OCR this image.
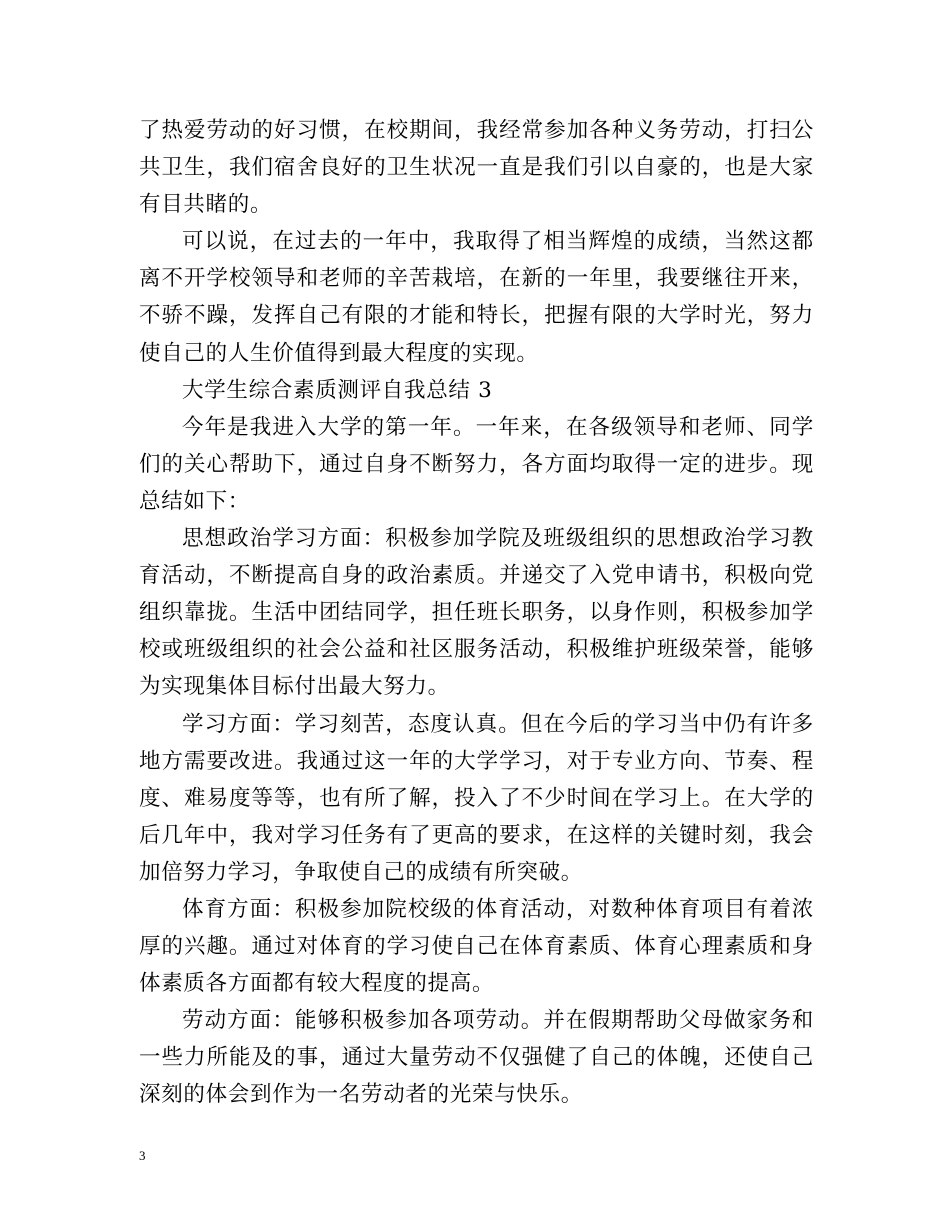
了热爱劳动的好习惯，在校期间，我经常参加各种义务劳动，打扫公共卫生，我们宿舍良好的卫生状况一直是我们引以自豪的，也是大家有目共睹的。

可以说，在过去的一年中，我取得了相当辉煌的成绩，当然这都离不开学校领导和老师的辛苦栽培，在新的一年里，我要继往开来，不骄不躁，发挥自己有限的才能和特长，把握有限的大学时光，努力使自己的人生价值得到最大程度的实现。

大学生综合素质测评自我总结 3

今年是我进入大学的第一年。一年来，在各级领导和老师、同学们的关心帮助下，通过自身不断努力，各方面均取得一定的进步。现总结如下：

思想政治学习方面：积极参加学院及班级组织的思想政治学习教育活动，不断提高自身的政治素质。并递交了入党申请书，积极向党组织靠拢。生活中团结同学，担任班长职务，以身作则，积极参加学校或班级组织的社会公益和社区服务活动，积极维护班级荣誉，能够为实现集体目标付出最大努力。

学习方面：学习刻苦，态度认真。但在今后的学习当中仍有许多地方需要改进。我通过这一年的大学学习，对于专业方向、节奏、程度、难易度等等，也有所了解，投入了不少时间在学习上。在大学的后几年中，我对学习任务有了更高的要求，在这样的关键时刻，我会加倍努力学习，争取使自己的成绩有所突破。

体育方面：积极参加院校级的体育活动，对数种体育项目有着浓厚的兴趣。通过对体育的学习使自己在体育素质、体育心理素质和身体素质各方面都有较大程度的提高。

劳动方面：能够积极参加各项劳动。并在假期帮助父母做家务和一些力所能及的事，通过大量劳动不仅强健了自己的体魄，还使自己深刻的体会到作为一名劳动者的光荣与快乐。

3
